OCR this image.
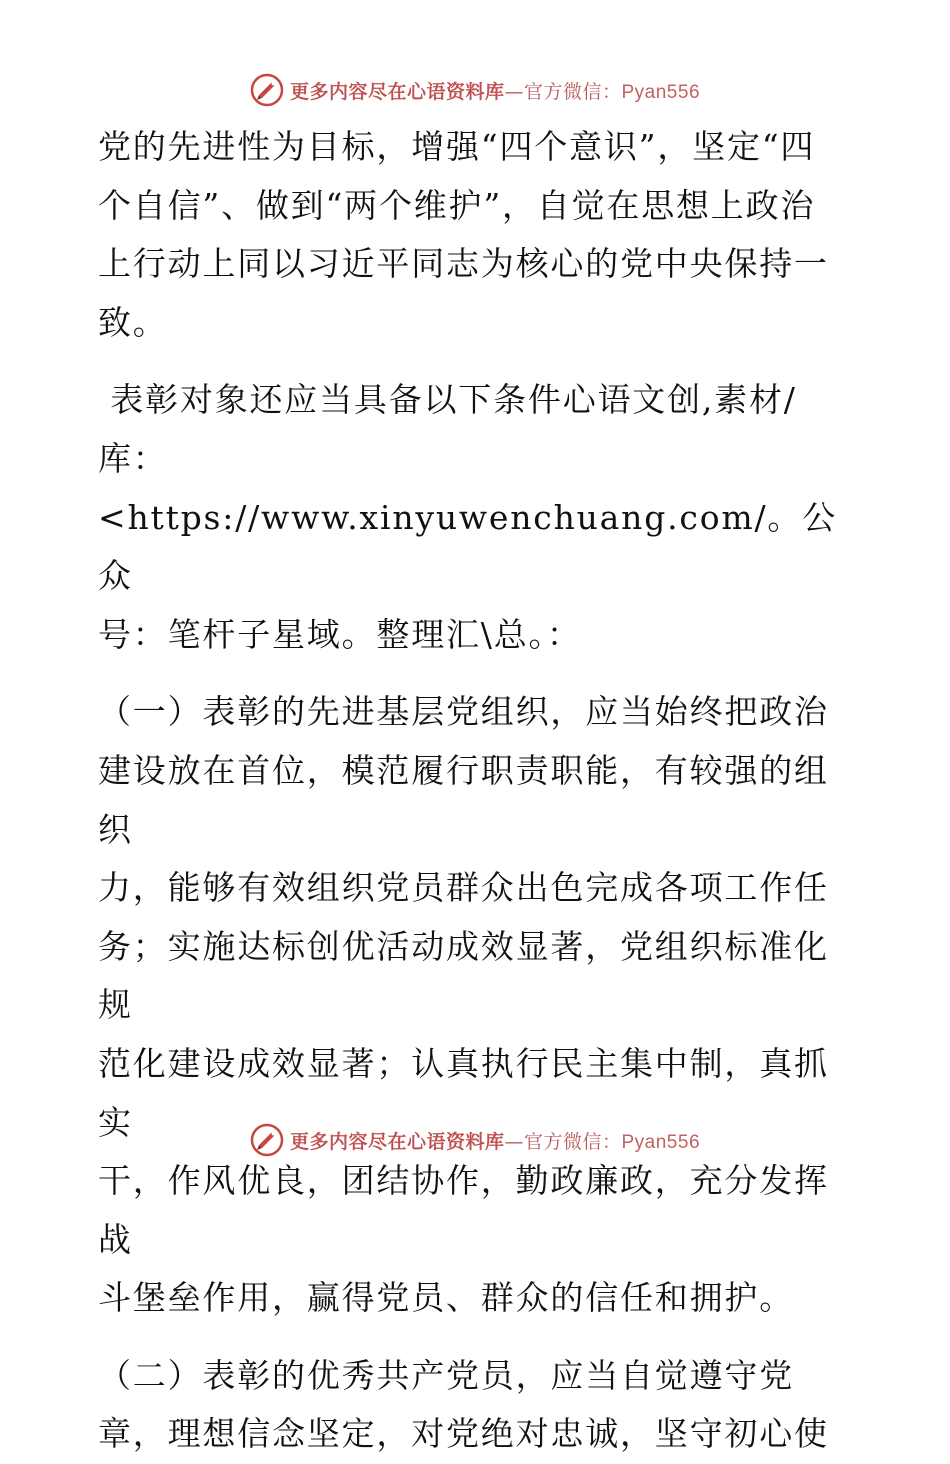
更多内容尽在心语资料库—官方微信：Pyan556

党的先进性为目标，增强“四个意识”，坚定“四
个自信”、做到“两个维护”，自觉在思想上政治
上行动上同以习近平同志为核心的党中央保持一
致。

表彰对象还应当具备以下条件心语文创,素材/
库：<https://www.xinyuwenchuang.com/。公众
号：笔杆子星域。整理汇\总。：

（一）表彰的先进基层党组织，应当始终把政治
建设放在首位，模范履行职责职能，有较强的组织
力，能够有效组织党员群众出色完成各项工作任
务；实施达标创优活动成效显著，党组织标准化规
范化建设成效显著；认真执行民主集中制，真抓实
干，作风优良，团结协作，勤政廉政，充分发挥战
斗堡垒作用，赢得党员、群众的信任和拥护。

（二）表彰的优秀共产党员，应当自觉遵守党
章，理想信念坚定，对党绝对忠诚，坚守初心使

更多内容尽在心语资料库—官方微信：Pyan556
